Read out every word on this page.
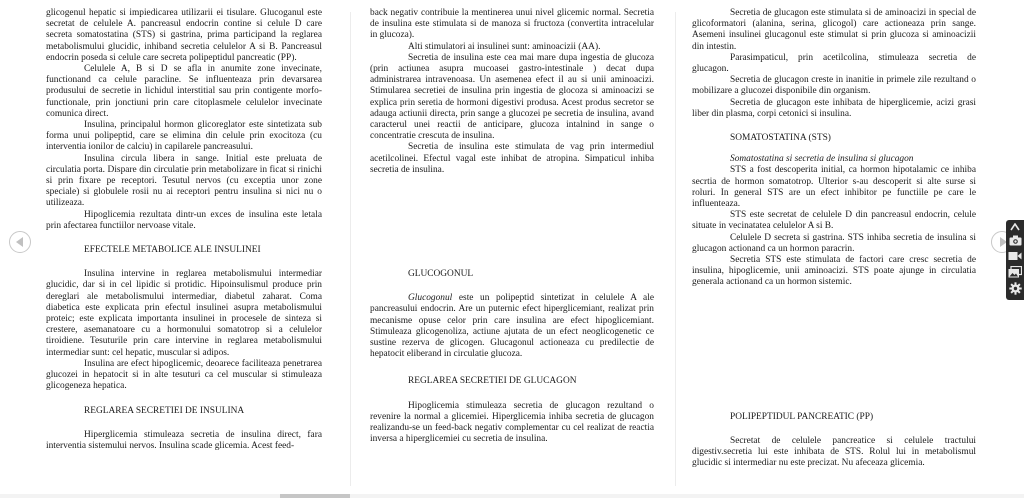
glicogenul hepatic si impiedicarea utilizarii ei tisulare. Glucoganul este secretat de celulele A. pancreasul endocrin contine si celule D care secreta somatostatina (STS) si gastrina, prima participand la reglarea metabolismului glucidic, inhiband secretia celulelor A si B. Pancreasul endocrin poseda si celule care secreta polipeptidul pancreatic (PP).

Celulele A, B si D se afla in anumite zone invecinate, functionand ca celule paracline. Se influenteaza prin devarsarea produsului de secretie in lichidul interstitial sau prin contigente morfo-functionale, prin jonctiuni prin care citoplasmele celulelor invecinate comunica direct.

Insulina, principalul hormon glicoreglator este sintetizata sub forma unui polipeptid, care se elimina din celule prin exocitoza (cu interventia ionilor de calciu) in capilarele pancreasului.

Insulina circula libera in sange. Initial este preluata de circulatia porta. Dispare din circulatie prin metabolizare in ficat si rinichi si prin fixare pe receptori. Tesutul nervos (cu exceptia unor zone speciale) si globulele rosii nu ai receptori pentru insulina si nici nu o utilizeaza.

Hipoglicemia rezultata dintr-un exces de insulina este letala prin afectarea functiilor nervoase vitale.

EFECTELE METABOLICE ALE INSULINEI

Insulina intervine in reglarea metabolismului intermediar glucidic, dar si in cel lipidic si protidic. Hipoinsulismul produce prin dereglari ale metabolismului intermediar, diabetul zaharat. Coma diabetica este explicata prin efectul insulinei asupra metabolismului proteic; este explicata importanta insulinei in procesele de sinteza si crestere, asemanatoare cu a hormonului somatotrop si a celulelor tiroidiene. Tesuturile prin care intervine in reglarea metabolismului intermediar sunt: cel hepatic, muscular si adipos.

Insulina are efect hipoglicemic, deoarece faciliteaza penetrarea glucozei in hepatocit si in alte tesuturi ca cel muscular si stimuleaza glicogeneza hepatica.

REGLAREA SECRETIEI DE INSULINA

Hiperglicemia stimuleaza secretia de insulina direct, fara interventia sistemului nervos. Insulina scade glicemia. Acest feed-

back negativ contribuie la mentinerea unui nivel glicemic normal. Secretia de insulina este stimulata si de manoza si fructoza (convertita intracelular in glucoza).

Alti stimulatori ai insulinei sunt: aminoacizii (AA).

Secretia de insulina este cea mai mare dupa ingestia de glucoza (prin actiunea asupra mucoasei gastro-intestinale ) decat dupa administrarea intravenoasa. Un asemenea efect il au si unii aminoacizi. Stimularea secretiei de insulina prin ingestia de glocoza si aminoacizi se explica prin seretia de hormoni digestivi produsa. Acest produs secretor se adauga actiunii directa, prin sange a glucozei pe secretia de insulina, avand caracterul unei reactii de anticipare, glucoza intalnind in sange o concentratie crescuta de insulina.

Secretia de insulina este stimulata de vag prin intermediul acetilcolinei. Efectul vagal este inhibat de atropina. Simpaticul inhiba secretia de insulina.

GLUCOGONUL

Glucogonul este un polipeptid sintetizat in celulele A ale pancreasului endocrin. Are un puternic efect hiperglicemiant, realizat prin mecanisme opuse celor prin care insulina are efect hipoglicemiant. Stimuleaza glicogenoliza, actiune ajutata de un efect neoglicogenetic ce sustine rezerva de glicogen. Glucagonul actioneaza cu predilectie de hepatocit eliberand in circulatie glucoza.

REGLAREA SECRETIEI DE GLUCAGON

Hipoglicemia stimuleaza secretia de glucagon rezultand o revenire la normal a glicemiei. Hiperglicemia inhiba secretia de glucagon realizandu-se un feed-back negativ complementar cu cel realizat de reactia inversa a hiperglicemiei cu secretia de insulina.

Secretia de glucagon este stimulata si de aminoacizi in special de glicoformatori (alanina, serina, glicogol) care actioneaza prin sange. Asemeni insulinei glucagonul este stimulat si prin glucoza si aminoacizii din intestin.

Parasimpaticul, prin acetilcolina, stimuleaza secretia de glucagon.

Secretia de glucagon creste in inanitie in primele zile rezultand o mobilizare a glucozei disponibile din organism.

Secretia de glucagon este inhibata de hiperglicemie, acizi grasi liber din plasma, corpi cetonici si insulina.

SOMATOSTATINA (STS)

Somatostatina si secretia de insulina si glucagon

STS a fost descoperita initial, ca hormon hipotalamic ce inhiba secrtia de hormon somatotrop. Ulterior s-au descoperit si alte surse si roluri. In general STS are un efect inhibitor pe functiile pe care le influenteaza.

STS este secretat de celulele D din pancreasul endocrin, celule situate in vecinatatea celulelor A si B.

Celulele D secreta si gastrina. STS inhiba secretia de insulina si glucagon actionand ca un hormon paracrin.

Secretia STS este stimulata de factori care cresc secretia de insulina, hipoglicemie, unii aminoacizi. STS poate ajunge in circulatia generala actionand ca un hormon sistemic.

POLIPEPTIDUL PANCREATIC (PP)

Secretat de celulele pancreatice si celulele tractului digestiv.secretia lui este inhibata de STS. Rolul lui in metabolismul glucidic si intermediar nu este precizat. Nu afeceaza glicemia.
